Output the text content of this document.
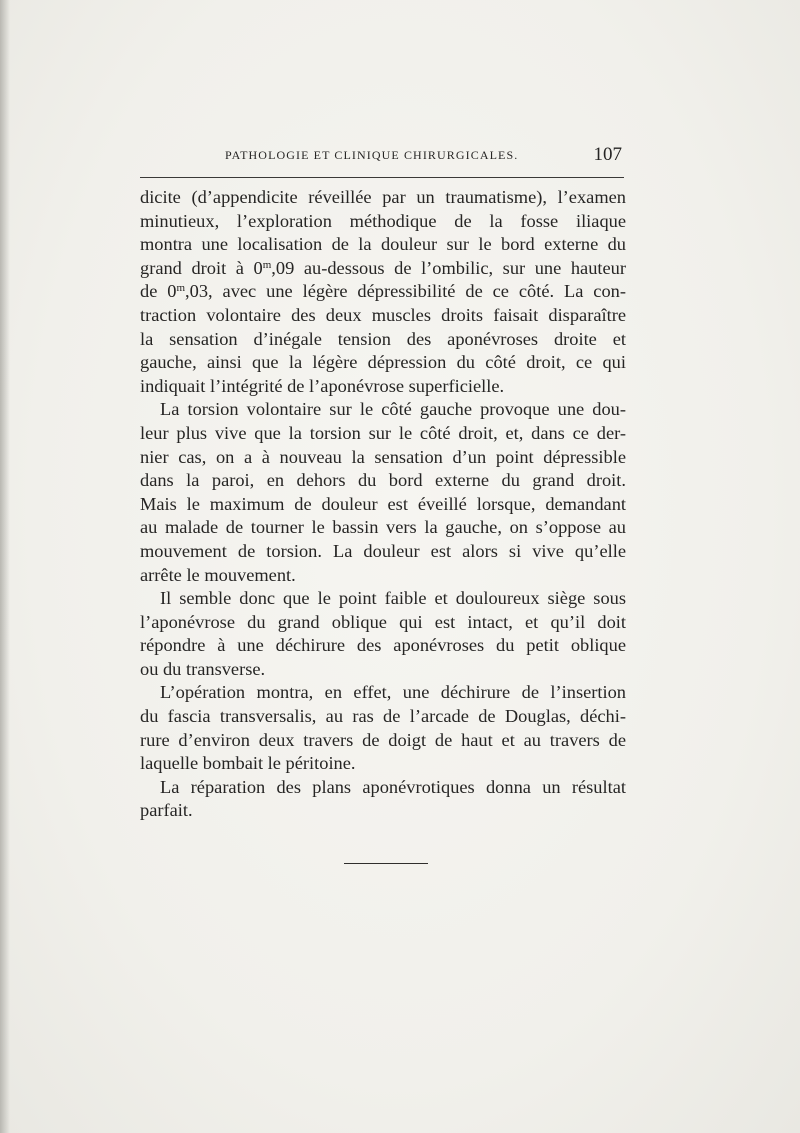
PATHOLOGIE ET CLINIQUE CHIRURGICALES.	107
dicite (d’appendicite réveillée par un traumatisme), l’examen
minutieux, l’exploration méthodique de la fosse iliaque
montra une localisation de la douleur sur le bord externe du
grand droit à 0$^m$,09 au-dessous de l’ombilic, sur une hauteur
de 0$^m$,03, avec une légère dépressibilité de ce côté. La con-
traction volontaire des deux muscles droits faisait disparaître
la sensation d’inégale tension des aponévroses droite et
gauche, ainsi que la légère dépression du côté droit, ce qui
indiquait l’intégrité de l’aponévrose superficielle.
La torsion volontaire sur le côté gauche provoque une dou-
leur plus vive que la torsion sur le côté droit, et, dans ce der-
nier cas, on a à nouveau la sensation d’un point dépressible
dans la paroi, en dehors du bord externe du grand droit.
Mais le maximum de douleur est éveillé lorsque, demandant
au malade de tourner le bassin vers la gauche, on s’oppose au
mouvement de torsion. La douleur est alors si vive qu’elle
arrête le mouvement.
Il semble donc que le point faible et douloureux siège sous
l’aponévrose du grand oblique qui est intact, et qu’il doit
répondre à une déchirure des aponévroses du petit oblique
ou du transverse.
L’opération montra, en effet, une déchirure de l’insertion
du fascia transversalis, au ras de l’arcade de Douglas, déchi-
rure d’environ deux travers de doigt de haut et au travers de
laquelle bombait le péritoine.
La réparation des plans aponévrotiques donna un résultat
parfait.
